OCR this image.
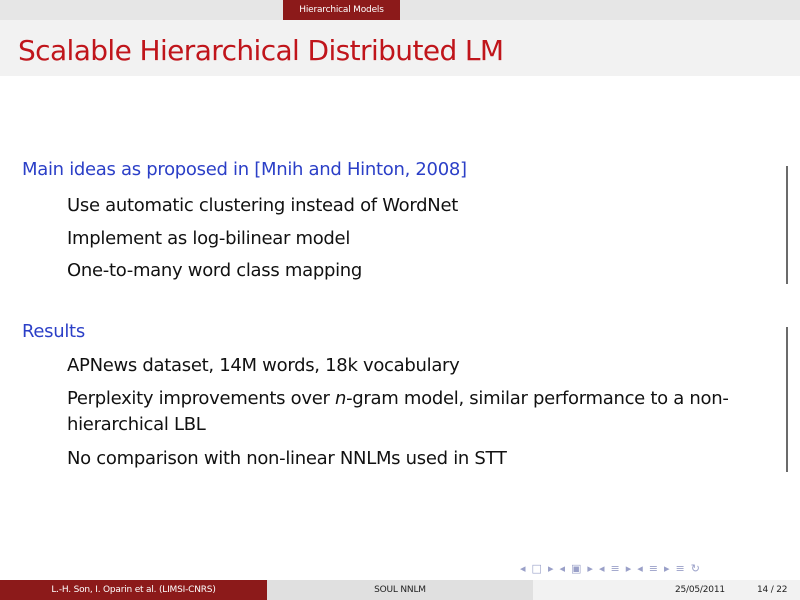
Hierarchical Models
Scalable Hierarchical Distributed LM
Main ideas as proposed in [Mnih and Hinton, 2008]
Use automatic clustering instead of WordNet
Implement as log-bilinear model
One-to-many word class mapping
Results
APNews dataset, 14M words, 18k vocabulary
Perplexity improvements over n-gram model, similar performance to a non-hierarchical LBL
No comparison with non-linear NNLMs used in STT
◂ □ ▸ ◂ ▣ ▸ ◂ ≡ ▸ ◂ ≡ ▸ ≡ ↻
L.-H. Son, I. Oparin et al. (LIMSI-CNRS)	SOUL NNLM	25/05/2011	14 / 22
